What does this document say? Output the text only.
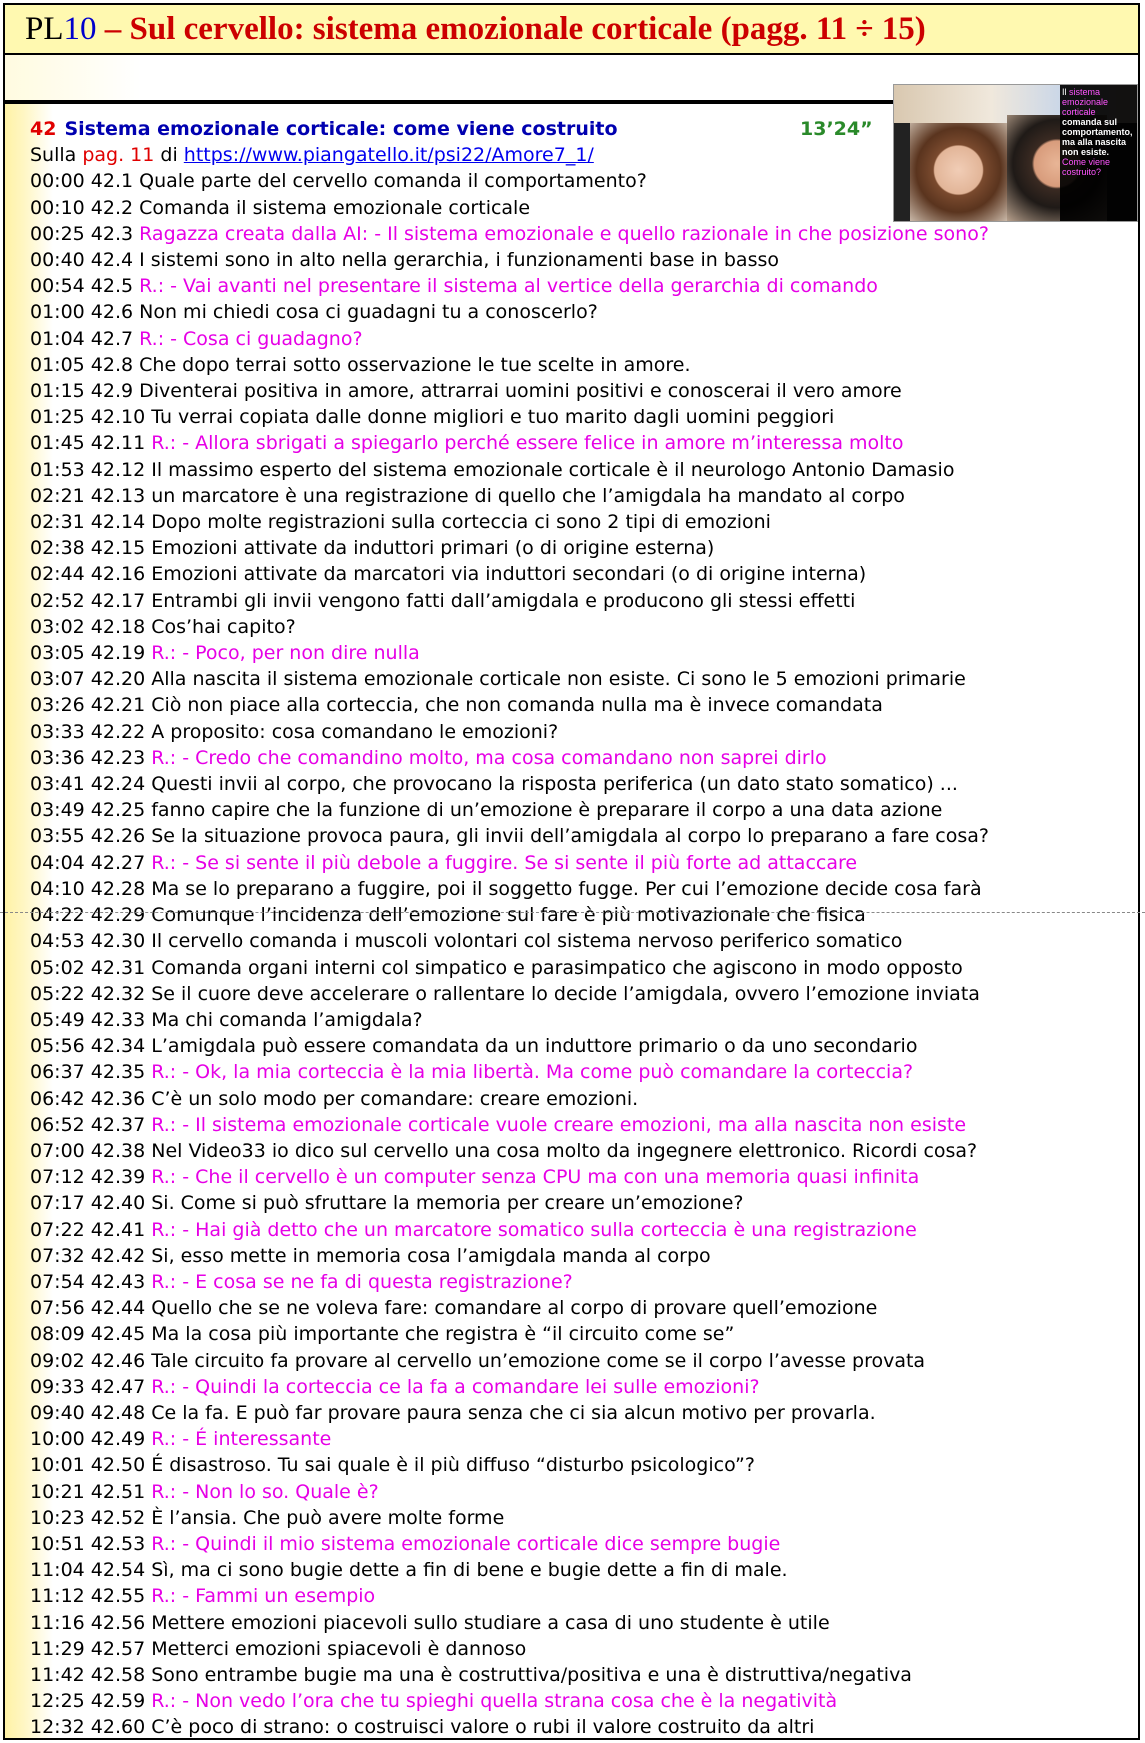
PL10 – Sul cervello: sistema emozionale corticale (pagg. 11 ÷ 15)
42 Sistema emozionale corticale: come viene costruito	13’24”
Sulla pag. 11 di https://www.piangatello.it/psi22/Amore7_1/
00:00 42.1 Quale parte del cervello comanda il comportamento?
00:10 42.2 Comanda il sistema emozionale corticale
00:25 42.3 Ragazza creata dalla AI: - Il sistema emozionale e quello razionale in che posizione sono?
00:40 42.4 I sistemi sono in alto nella gerarchia, i funzionamenti base in basso
00:54 42.5 R.: - Vai avanti nel presentare il sistema al vertice della gerarchia di comando
01:00 42.6 Non mi chiedi cosa ci guadagni tu a conoscerlo?
01:04 42.7 R.: - Cosa ci guadagno?
01:05 42.8 Che dopo terrai sotto osservazione le tue scelte in amore.
01:15 42.9 Diventerai positiva in amore, attrarrai uomini positivi e conoscerai il vero amore
01:25 42.10 Tu verrai copiata dalle donne migliori e tuo marito dagli uomini peggiori
01:45 42.11 R.: - Allora sbrigati a spiegarlo perché essere felice in amore m’interessa molto
01:53 42.12 Il massimo esperto del sistema emozionale corticale è il neurologo Antonio Damasio
02:21 42.13 un marcatore è una registrazione di quello che l’amigdala ha mandato al corpo
02:31 42.14 Dopo molte registrazioni sulla corteccia ci sono 2 tipi di emozioni
02:38 42.15 Emozioni attivate da induttori primari (o di origine esterna)
02:44 42.16 Emozioni attivate da marcatori via induttori secondari (o di origine interna)
02:52 42.17 Entrambi gli invii vengono fatti dall’amigdala e producono gli stessi effetti
03:02 42.18 Cos’hai capito?
03:05 42.19 R.: - Poco, per non dire nulla
03:07 42.20 Alla nascita il sistema emozionale corticale non esiste. Ci sono le 5 emozioni primarie
03:26 42.21 Ciò non piace alla corteccia, che non comanda nulla ma è invece comandata
03:33 42.22 A proposito: cosa comandano le emozioni?
03:36 42.23 R.: - Credo che comandino molto, ma cosa comandano non saprei dirlo
03:41 42.24 Questi invii al corpo, che provocano la risposta periferica (un dato stato somatico) ...
03:49 42.25 fanno capire che la funzione di un’emozione è preparare il corpo a una data azione
03:55 42.26 Se la situazione provoca paura, gli invii dell’amigdala al corpo lo preparano a fare cosa?
04:04 42.27 R.: - Se si sente il più debole a fuggire. Se si sente il più forte ad attaccare
04:10 42.28 Ma se lo preparano a fuggire, poi il soggetto fugge. Per cui l’emozione decide cosa farà
04:22 42.29 Comunque l’incidenza dell’emozione sul fare è più motivazionale che fisica
04:53 42.30 Il cervello comanda i muscoli volontari col sistema nervoso periferico somatico
05:02 42.31 Comanda organi interni col simpatico e parasimpatico che agiscono in modo opposto
05:22 42.32 Se il cuore deve accelerare o rallentare lo decide l’amigdala, ovvero l’emozione inviata
05:49 42.33 Ma chi comanda l’amigdala?
05:56 42.34 L’amigdala può essere comandata da un induttore primario o da uno secondario
06:37 42.35 R.: - Ok, la mia corteccia è la mia libertà. Ma come può comandare la corteccia?
06:42 42.36 C’è un solo modo per comandare: creare emozioni.
06:52 42.37 R.: - Il sistema emozionale corticale vuole creare emozioni, ma alla nascita non esiste
07:00 42.38 Nel Video33 io dico sul cervello una cosa molto da ingegnere elettronico. Ricordi cosa?
07:12 42.39 R.: - Che il cervello è un computer senza CPU ma con una memoria quasi infinita
07:17 42.40 Si. Come si può sfruttare la memoria per creare un’emozione?
07:22 42.41 R.: - Hai già detto che un marcatore somatico sulla corteccia è una registrazione
07:32 42.42 Si, esso mette in memoria cosa l’amigdala manda al corpo
07:54 42.43 R.: - E cosa se ne fa di questa registrazione?
07:56 42.44 Quello che se ne voleva fare: comandare al corpo di provare quell’emozione
08:09 42.45 Ma la cosa più importante che registra è “il circuito come se”
09:02 42.46 Tale circuito fa provare al cervello un’emozione come se il corpo l’avesse provata
09:33 42.47 R.: - Quindi la corteccia ce la fa a comandare lei sulle emozioni?
09:40 42.48 Ce la fa. E può far provare paura senza che ci sia alcun motivo per provarla.
10:00 42.49 R.: - É interessante
10:01 42.50 É disastroso. Tu sai quale è il più diffuso “disturbo psicologico”?
10:21 42.51 R.: - Non lo so. Quale è?
10:23 42.52 È l’ansia. Che può avere molte forme
10:51 42.53 R.: - Quindi il mio sistema emozionale corticale dice sempre bugie
11:04 42.54 Sì, ma ci sono bugie dette a fin di bene e bugie dette a fin di male.
11:12 42.55 R.: - Fammi un esempio
11:16 42.56 Mettere emozioni piacevoli sullo studiare a casa di uno studente è utile
11:29 42.57 Metterci emozioni spiacevoli è dannoso
11:42 42.58 Sono entrambe bugie ma una è costruttiva/positiva e una è distruttiva/negativa
12:25 42.59 R.: - Non vedo l’ora che tu spieghi quella strana cosa che è la negatività
12:32 42.60 C’è poco di strano: o costruisci valore o rubi il valore costruito da altri
Il sistema emozionale corticale comanda sul comportamento, ma alla nascita non esiste. Come viene costruito?
